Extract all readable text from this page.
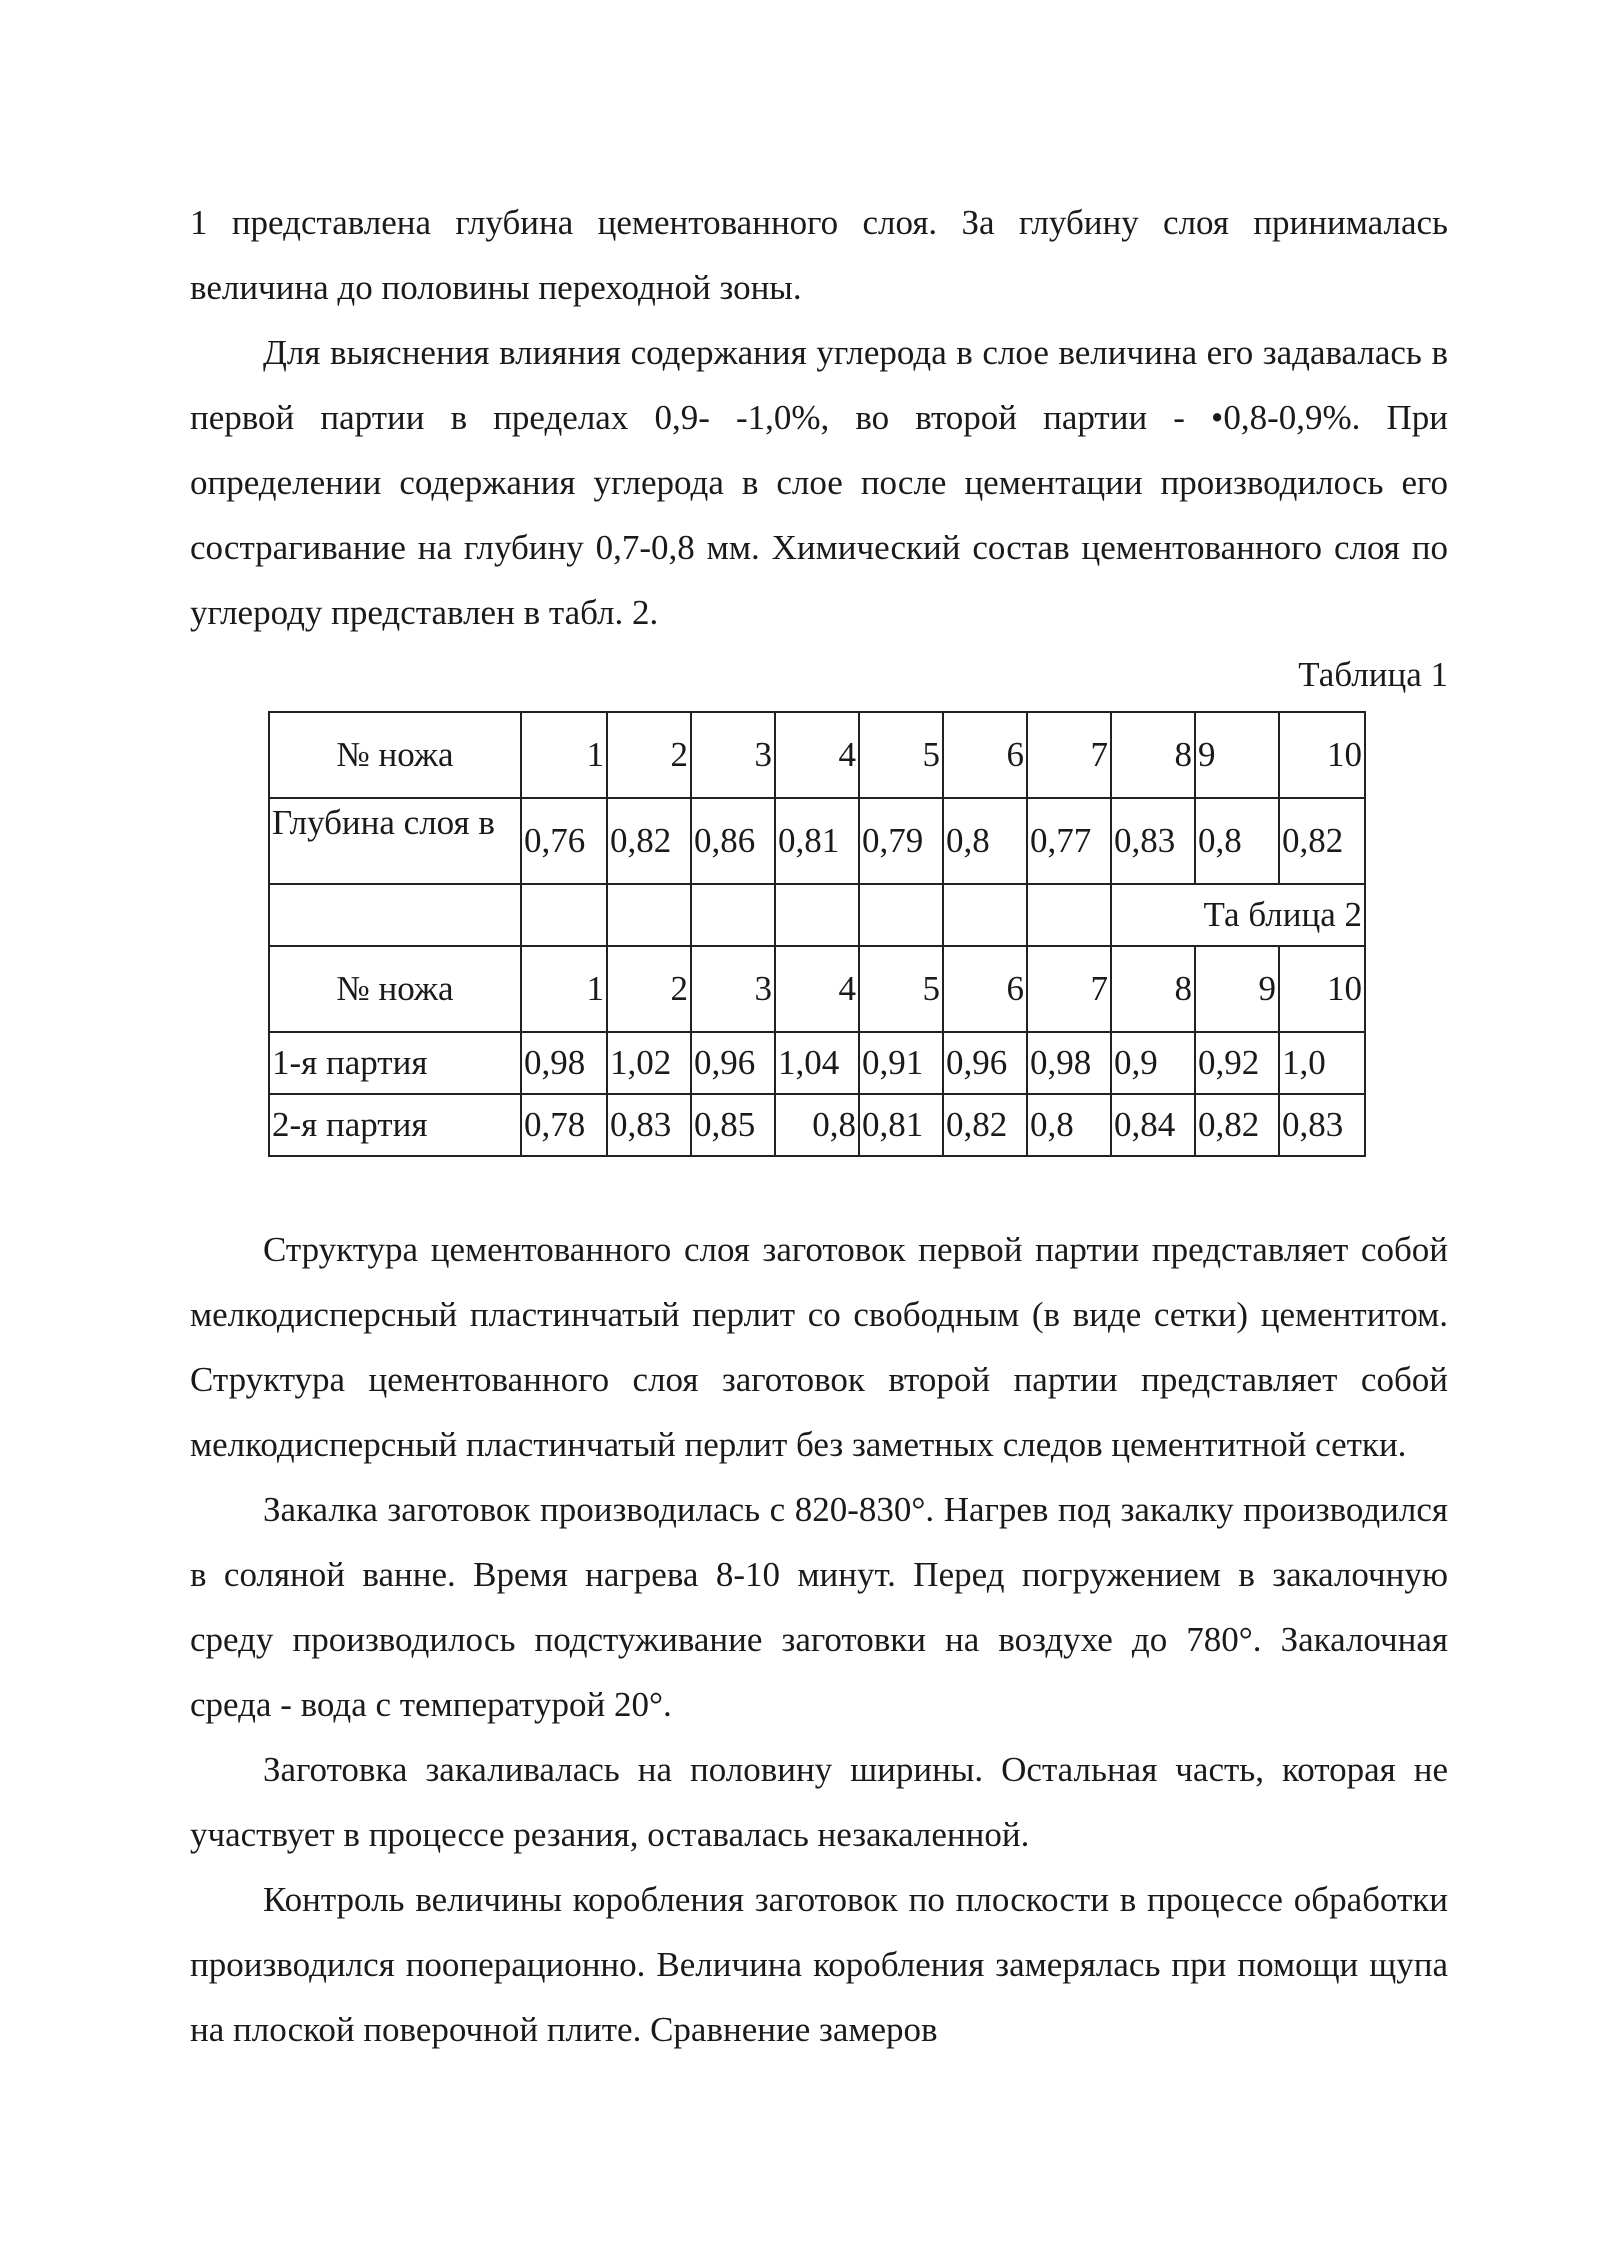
1 представлена глубина цементованного слоя. За глубину слоя принималась величина до половины переходной зоны.

Для выяснения влияния содержания углерода в слое величина его задавалась в первой партии в пределах 0,9- -1,0%, во второй партии - •0,8-0,9%. При определении содержания углерода в слое после цементации производилось его сострагивание на глубину 0,7-0,8 мм. Химический состав цементованного слоя по углероду представлен в табл. 2.

Таблица 1

№ ножа	1	2	3	4	5	6	7	8	9	10
Глубина слоя в	0,76	0,82	0,86	0,81	0,79	0,8	0,77	0,83	0,8	0,82
								Та блица 2		
№ ножа	1	2	3	4	5	6	7	8	9	10
1-я партия	0,98	1,02	0,96	1,04	0,91	0,96	0,98	0,9	0,92	1,0
2-я партия	0,78	0,83	0,85	0,8	0,81	0,82	0,8	0,84	0,82	0,83

Структура цементованного слоя заготовок первой партии представляет собой мелкодисперсный пластинчатый перлит со свободным (в виде сетки) цементитом. Структура цементованного слоя заготовок второй партии представляет собой мелкодисперсный пластинчатый перлит без заметных следов цементитной сетки.

Закалка заготовок производилась с 820-830°. Нагрев под закалку производился в соляной ванне. Время нагрева 8-10 минут. Перед погружением в закалочную среду производилось подстуживание заготовки на воздухе до 780°. Закалочная среда - вода с температурой 20°.

Заготовка закаливалась на половину ширины. Остальная часть, которая не участвует в процессе резания, оставалась незакаленной.

Контроль величины коробления заготовок по плоскости в процессе обработки производился пооперационно. Величина коробления замерялась при помощи щупа на плоской поверочной плите. Сравнение замеров
